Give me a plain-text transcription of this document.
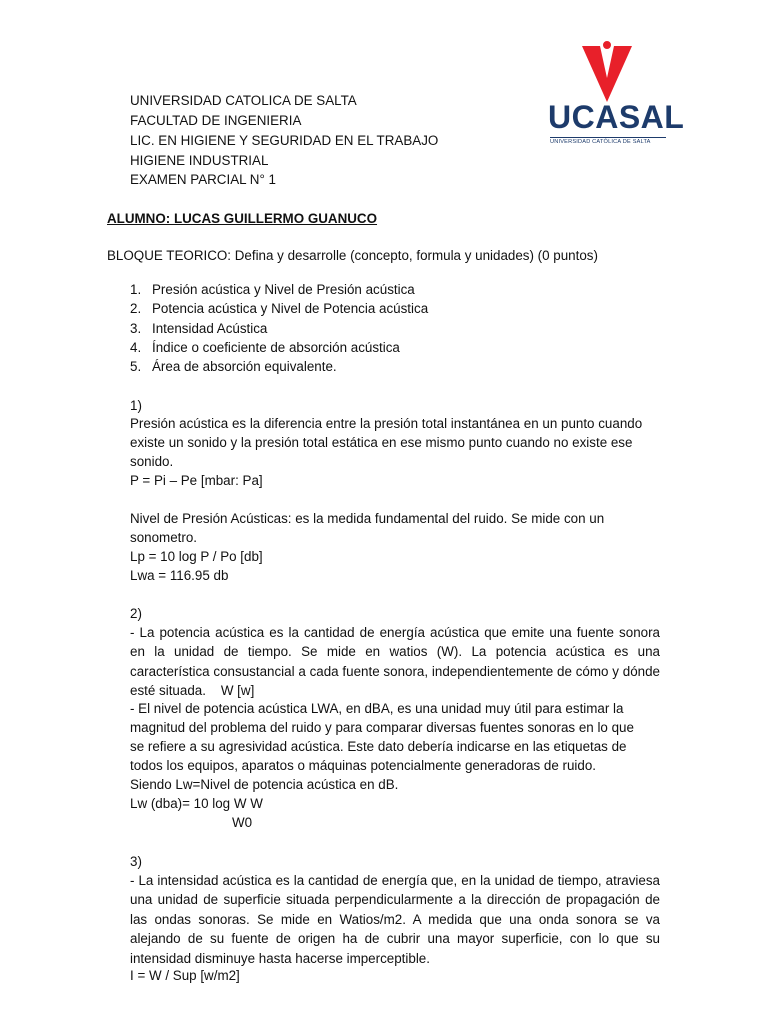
UCASAL
UNIVERSIDAD CATÓLICA DE SALTA
UNIVERSIDAD CATOLICA DE SALTA
FACULTAD DE INGENIERIA
LIC. EN HIGIENE Y SEGURIDAD EN EL TRABAJO
HIGIENE INDUSTRIAL
EXAMEN PARCIAL N° 1
ALUMNO: LUCAS GUILLERMO GUANUCO
BLOQUE TEORICO: Defina y desarrolle (concepto, formula y unidades) (0 puntos)
1. Presión acústica y Nivel de Presión acústica
2. Potencia acústica y Nivel de Potencia acústica
3. Intensidad Acústica
4. Índice o coeficiente de absorción acústica
5. Área de absorción equivalente.
1)
Presión acústica es la diferencia entre la presión total instantánea en un punto cuando
existe un sonido y la presión total estática en ese mismo punto cuando no existe ese
sonido.
P = Pi – Pe [mbar: Pa]
Nivel de Presión Acústicas: es la medida fundamental del ruido. Se mide con un
sonometro.
Lp = 10 log P / Po [db]
Lwa = 116.95 db
2)
- La potencia acústica es la cantidad de energía acústica que emite una fuente sonora en la unidad de tiempo. Se mide en watios (W). La potencia acústica es una característica consustancial a cada fuente sonora, independientemente de cómo y dónde esté situada. W [w]
- El nivel de potencia acústica LWA, en dBA, es una unidad muy útil para estimar la
magnitud del problema del ruido y para comparar diversas fuentes sonoras en lo que
se refiere a su agresividad acústica. Este dato debería indicarse en las etiquetas de
todos los equipos, aparatos o máquinas potencialmente generadoras de ruido.
Siendo Lw=Nivel de potencia acústica en dB.
Lw (dba)= 10 log W W
W0
3)
- La intensidad acústica es la cantidad de energía que, en la unidad de tiempo, atraviesa una unidad de superficie situada perpendicularmente a la dirección de propagación de las ondas sonoras. Se mide en Watios/m2. A medida que una onda sonora se va alejando de su fuente de origen ha de cubrir una mayor superficie, con lo que su intensidad disminuye hasta hacerse imperceptible.
I = W / Sup [w/m2]
